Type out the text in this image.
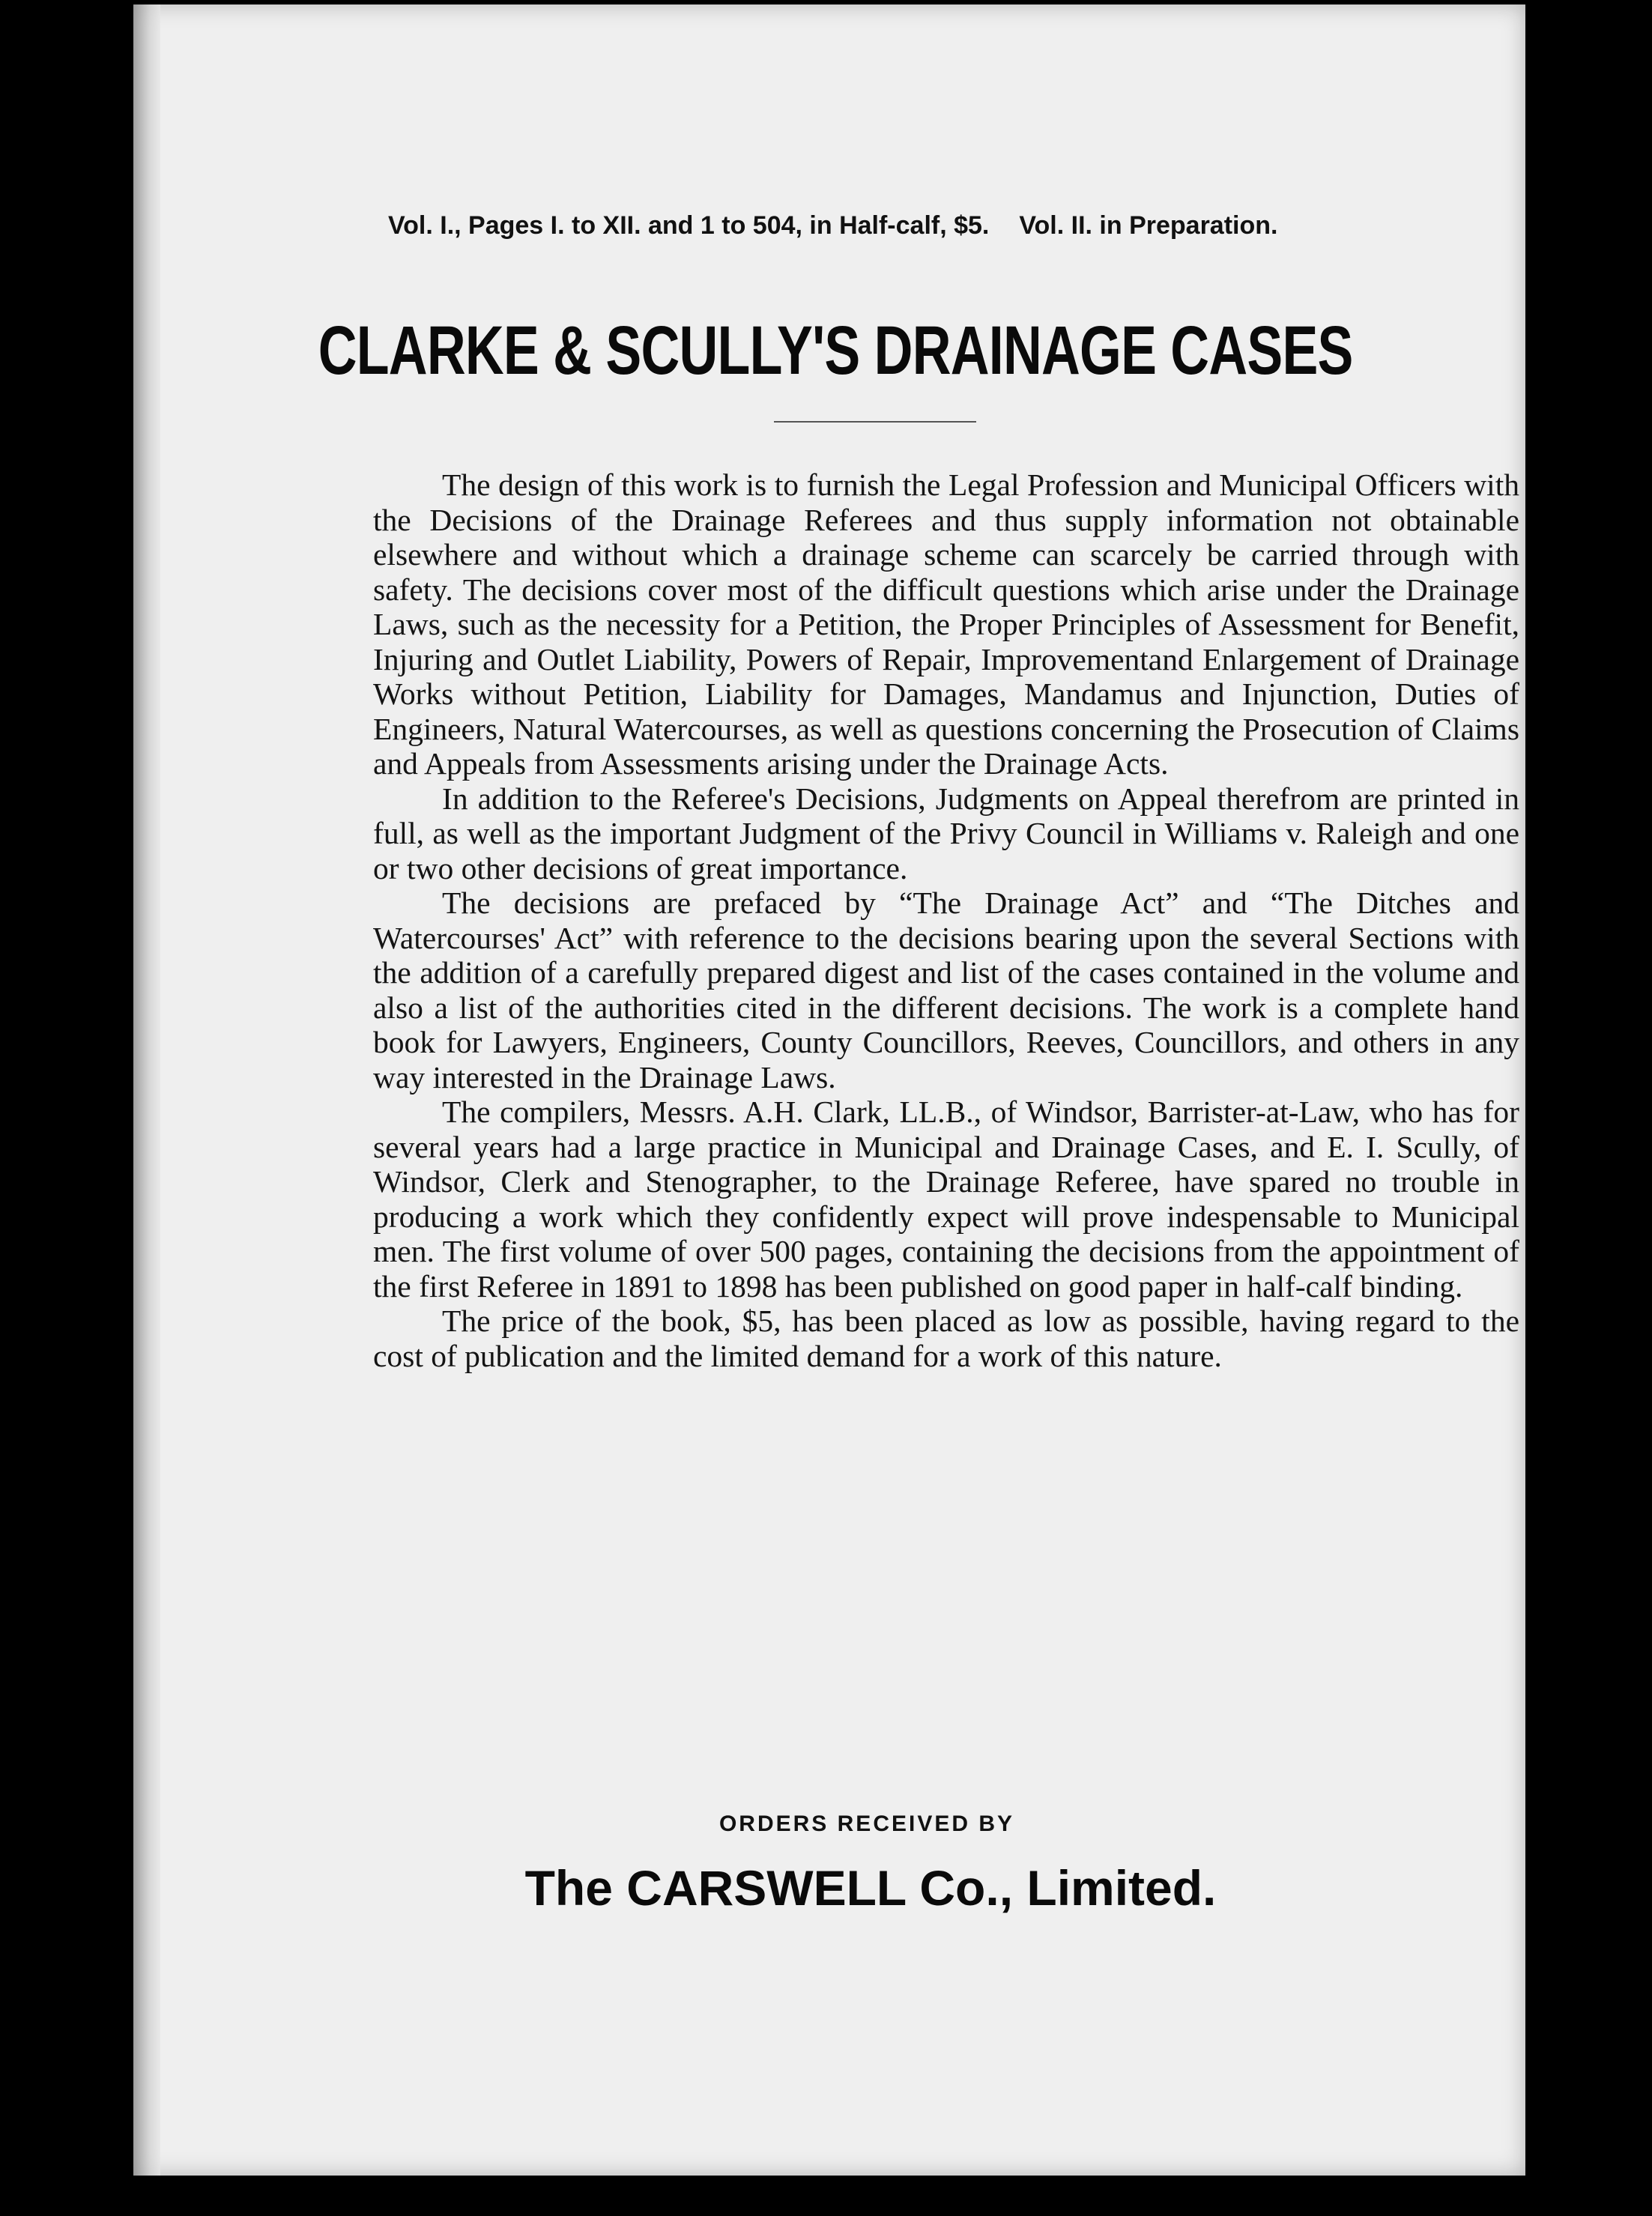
Vol. I., Pages I. to XII. and 1 to 504, in Half-calf, $5. Vol. II. in Preparation.
CLARKE & SCULLY'S DRAINAGE CASES

The design of this work is to furnish the Legal Profession and Municipal Officers with the Decisions of the Drainage Referees and thus supply information not obtainable elsewhere and without which a drainage scheme can scarcely be carried through with safety. The decisions cover most of the difficult questions which arise under the Drainage Laws, such as the necessity for a Petition, the Proper Principles of Assessment for Benefit, Injuring and Outlet Liability, Powers of Repair, Improvementand Enlargement of Drainage Works without Petition, Liability for Damages, Mandamus and Injunction, Duties of Engineers, Natural Watercourses, as well as questions concerning the Prosecution of Claims and Appeals from Assessments arising under the Drainage Acts.

In addition to the Referee's Decisions, Judgments on Appeal therefrom are printed in full, as well as the important Judgment of the Privy Council in Williams v. Raleigh and one or two other decisions of great importance.

The decisions are prefaced by “The Drainage Act” and “The Ditches and Watercourses' Act” with reference to the decisions bearing upon the several Sections with the addition of a carefully prepared digest and list of the cases contained in the volume and also a list of the authorities cited in the different decisions. The work is a complete hand book for Lawyers, Engineers, County Councillors, Reeves, Councillors, and others in any way interested in the Drainage Laws.

The compilers, Messrs. A.H. Clark, LL.B., of Windsor, Barrister-at-Law, who has for several years had a large practice in Municipal and Drainage Cases, and E. I. Scully, of Windsor, Clerk and Stenographer, to the Drainage Referee, have spared no trouble in producing a work which they confidently expect will prove indespensable to Municipal men. The first volume of over 500 pages, containing the decisions from the appointment of the first Referee in 1891 to 1898 has been published on good paper in half-calf binding.

The price of the book, $5, has been placed as low as possible, having regard to the cost of publication and the limited demand for a work of this nature.

ORDERS RECEIVED BY
The CARSWELL Co., Limited.
